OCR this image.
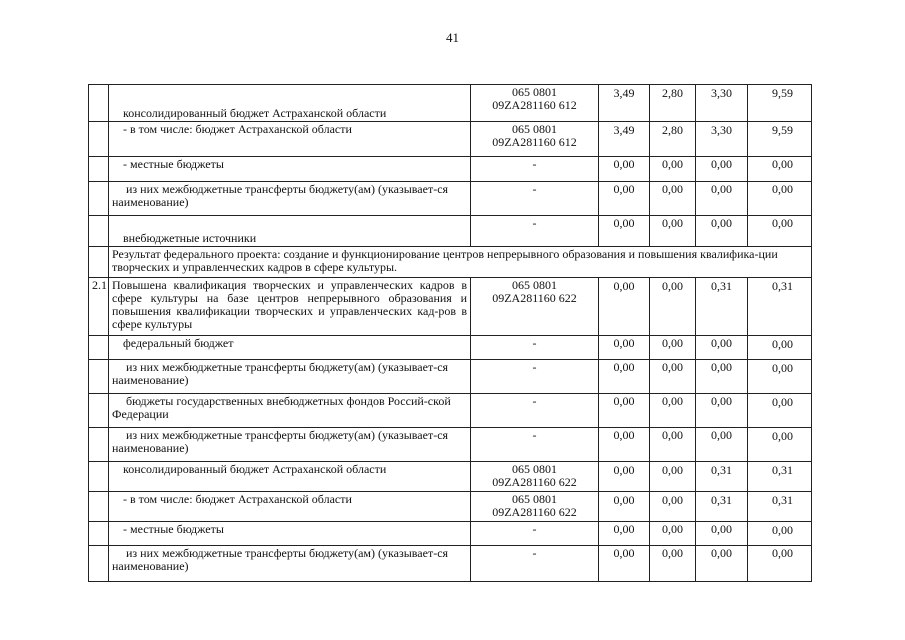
41
	консолидированный бюджет Астраханской области	065 0801
09ZA281160 612	3,49	2,80	3,30	9,59
	- в том числе: бюджет Астраханской области	065 0801
09ZA281160 612	3,49	2,80	3,30	9,59
	- местные бюджеты	-	0,00	0,00	0,00	0,00

	из них межбюджетные трансферты бюджету(ам) (указывает-ся наименование)	-	0,00	0,00	0,00	0,00
	внебюджетные источники	-	0,00	0,00	0,00	0,00
	Результат федерального проекта: создание и функционирование центров непрерывного образования и повышения квалифика-ции творческих и управленческих кадров в сфере культуры.					
2.1	Повышена квалификация творческих и управленческих кадров в сфере культуры на базе центров непрерывного образования и повышения квалификации творческих и управленческих кад-ров в сфере культуры	065 0801
09ZA281160 622	0,00	0,00	0,31	0,31
	федеральный бюджет	-	0,00	0,00	0,00	0,00

	из них межбюджетные трансферты бюджету(ам) (указывает-ся наименование)	-	0,00	0,00	0,00	0,00

	бюджеты государственных внебюджетных фондов Россий-ской Федерации	-	0,00	0,00	0,00	0,00

	из них межбюджетные трансферты бюджету(ам) (указывает-ся наименование)	-	0,00	0,00	0,00	0,00
	консолидированный бюджет Астраханской области	065 0801
09ZA281160 622	0,00	0,00	0,31	0,31
	- в том числе: бюджет Астраханской области	065 0801
09ZA281160 622	0,00	0,00	0,31	0,31
	- местные бюджеты	-	0,00	0,00	0,00	0,00

	из них межбюджетные трансферты бюджету(ам) (указывает-ся наименование)	-	0,00	0,00	0,00	0,00
